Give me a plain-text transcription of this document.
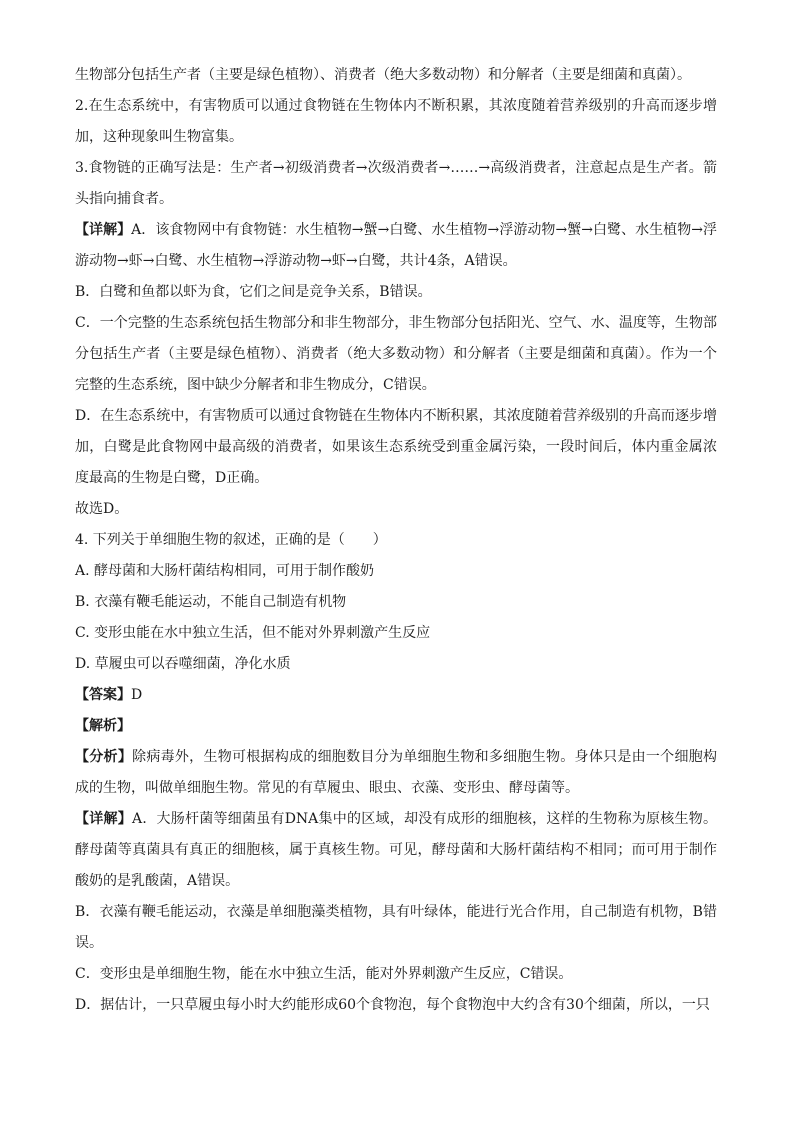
生物部分包括生产者（主要是绿色植物）、消费者（绝大多数动物）和分解者（主要是细菌和真菌）。

2.在生态系统中，有害物质可以通过食物链在生物体内不断积累，其浓度随着营养级别的升高而逐步增加，这种现象叫生物富集。

3.食物链的正确写法是：生产者→初级消费者→次级消费者→……→高级消费者，注意起点是生产者。箭头指向捕食者。

【详解】A．该食物网中有食物链：水生植物→蟹→白鹭、水生植物→浮游动物→蟹→白鹭、水生植物→浮游动物→虾→白鹭、水生植物→浮游动物→虾→白鹭，共计4条，A错误。

B．白鹭和鱼都以虾为食，它们之间是竞争关系，B错误。

C．一个完整的生态系统包括生物部分和非生物部分，非生物部分包括阳光、空气、水、温度等，生物部分包括生产者（主要是绿色植物）、消费者（绝大多数动物）和分解者（主要是细菌和真菌）。作为一个完整的生态系统，图中缺少分解者和非生物成分，C错误。

D．在生态系统中，有害物质可以通过食物链在生物体内不断积累，其浓度随着营养级别的升高而逐步增加，白鹭是此食物网中最高级的消费者，如果该生态系统受到重金属污染，一段时间后，体内重金属浓度最高的生物是白鹭，D正确。

故选D。

4. 下列关于单细胞生物的叙述，正确的是（　　）

A. 酵母菌和大肠杆菌结构相同，可用于制作酸奶

B. 衣藻有鞭毛能运动，不能自己制造有机物

C. 变形虫能在水中独立生活，但不能对外界刺激产生反应

D. 草履虫可以吞噬细菌，净化水质

【答案】D

【解析】

【分析】除病毒外，生物可根据构成的细胞数目分为单细胞生物和多细胞生物。身体只是由一个细胞构成的生物，叫做单细胞生物。常见的有草履虫、眼虫、衣藻、变形虫、酵母菌等。

【详解】A．大肠杆菌等细菌虽有DNA集中的区域，却没有成形的细胞核，这样的生物称为原核生物。酵母菌等真菌具有真正的细胞核，属于真核生物。可见，酵母菌和大肠杆菌结构不相同；而可用于制作酸奶的是乳酸菌，A错误。

B．衣藻有鞭毛能运动，衣藻是单细胞藻类植物，具有叶绿体，能进行光合作用，自己制造有机物，B错误。

C．变形虫是单细胞生物，能在水中独立生活，能对外界刺激产生反应，C错误。

D．据估计，一只草履虫每小时大约能形成60个食物泡，每个食物泡中大约含有30个细菌，所以，一只
